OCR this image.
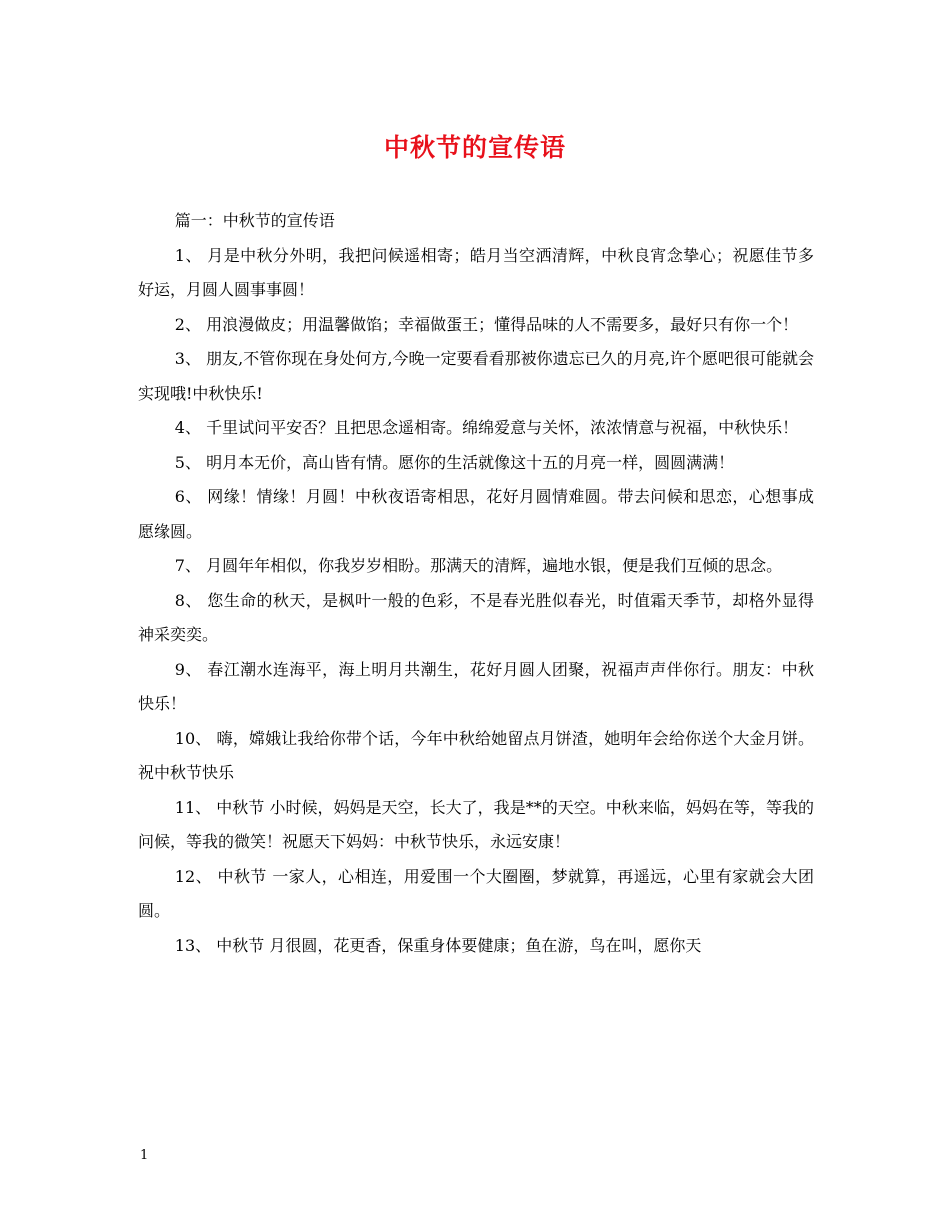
中秋节的宣传语

篇一：中秋节的宣传语

1、 月是中秋分外明，我把问候遥相寄；皓月当空洒清辉，中秋良宵念挚心；祝愿佳节多好运，月圆人圆事事圆！

2、 用浪漫做皮；用温馨做馅；幸福做蛋王；懂得品味的人不需要多，最好只有你一个！

3、 朋友,不管你现在身处何方,今晚一定要看看那被你遗忘已久的月亮,许个愿吧很可能就会实现哦!中秋快乐!

4、 千里试问平安否？且把思念遥相寄。绵绵爱意与关怀，浓浓情意与祝福，中秋快乐！

5、 明月本无价，高山皆有情。愿你的生活就像这十五的月亮一样，圆圆满满！

6、 网缘！情缘！月圆！中秋夜语寄相思，花好月圆情难圆。带去问候和思恋，心想事成愿缘圆。

7、 月圆年年相似，你我岁岁相盼。那满天的清辉，遍地水银，便是我们互倾的思念。

8、 您生命的秋天，是枫叶一般的色彩，不是春光胜似春光，时值霜天季节，却格外显得神采奕奕。

9、 春江潮水连海平，海上明月共潮生，花好月圆人团聚，祝福声声伴你行。朋友：中秋快乐！

10、 嗨，嫦娥让我给你带个话，今年中秋给她留点月饼渣，她明年会给你送个大金月饼。祝中秋节快乐

11、 中秋节 小时候，妈妈是天空，长大了，我是**的天空。中秋来临，妈妈在等，等我的问候，等我的微笑！祝愿天下妈妈：中秋节快乐，永远安康！

12、 中秋节 一家人，心相连，用爱围一个大圈圈，梦就算，再遥远，心里有家就会大团圆。

13、 中秋节 月很圆，花更香，保重身体要健康；鱼在游，鸟在叫，愿你天

1
